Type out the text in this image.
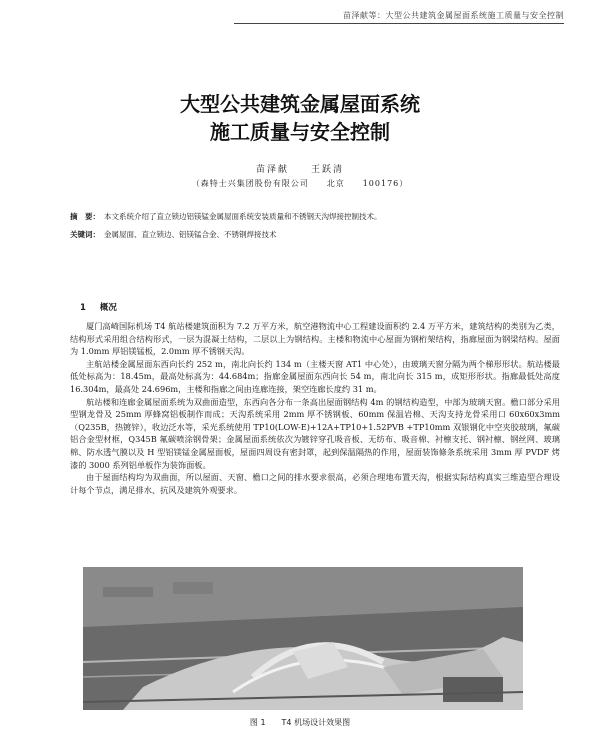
苗泽献等：大型公共建筑金属屋面系统施工质量与安全控制
大型公共建筑金属屋面系统
施工质量与安全控制
苗泽献　　王跃清
（森特士兴集团股份有限公司　　北京　　100176）
摘　要： 本文系统介绍了直立锁边铝镁锰金属屋面系统安装质量和不锈钢天沟焊接控制技术。
关键词： 金属屋面、直立锁边、铝镁锰合金、不锈钢焊接技术
1 概况

厦门高崎国际机场 T4 航站楼建筑面积为 7.2 万平方米，航空港物流中心工程建设面积约 2.4 万平方米，建筑结构的类别为乙类，结构形式采用组合结构形式，一层为混凝土结构，二层以上为钢结构。主楼和物流中心屋面为钢桁架结构，指廊屋面为钢梁结构。屋面为 1.0mm 厚铝镁锰板，2.0mm 厚不锈钢天沟。

主航站楼金属屋面东西向长约 252 m，南北向长约 134 m（主楼天窗 AT1 中心处），由玻璃天窗分隔为两个梯形形状。航站楼最低处标高为：18.45m，最高处标高为：44.684m；指廊金属屋面东西向长 54 m，南北向长 315 m，成矩形形状。指廊最低处高度 16.304m，最高处 24.696m，主楼和指廊之间由连廊连接，架空连廊长度约 31 m。

航站楼和连廊金属屋面系统为双曲面造型，东西向各分布一条高出屋面钢结构 4m 的钢结构造型，中部为玻璃天窗。檐口部分采用型钢龙骨及 25mm 厚蜂窝铝板制作而成；天沟系统采用 2mm 厚不锈钢板、60mm 保温岩棉、天沟支持龙骨采用口 60x60x3mm（Q235B，热镀锌），收边泛水等，采光系统使用 TP10(LOW-E)+12A+TP10+1.52PVB +TP10mm 双银钢化中空夹胶玻璃，氟碳铝合金型材框，Q345B 氟碳喷涂钢骨架；金属屋面系统依次为镀锌穿孔吸音板、无纺布、吸音棉、衬檩支托、钢衬檩、钢丝网、玻璃棉、防水透气膜以及 H 型铝镁锰金属屋面板，屋面四周设有密封罩，起到保温隔热的作用，屋面装饰條条系统采用 3mm 厚 PVDF 烤漆的 3000 系列铝单板作为装饰面板。

由于屋面结构均为双曲面，所以屋面、天窗、檐口之间的排水要求很高，必须合理地布置天沟，根据实际结构真实三维造型合理设计每个节点，满足排水、抗风及建筑外观要求。

图 1 T4 机场设计效果图
